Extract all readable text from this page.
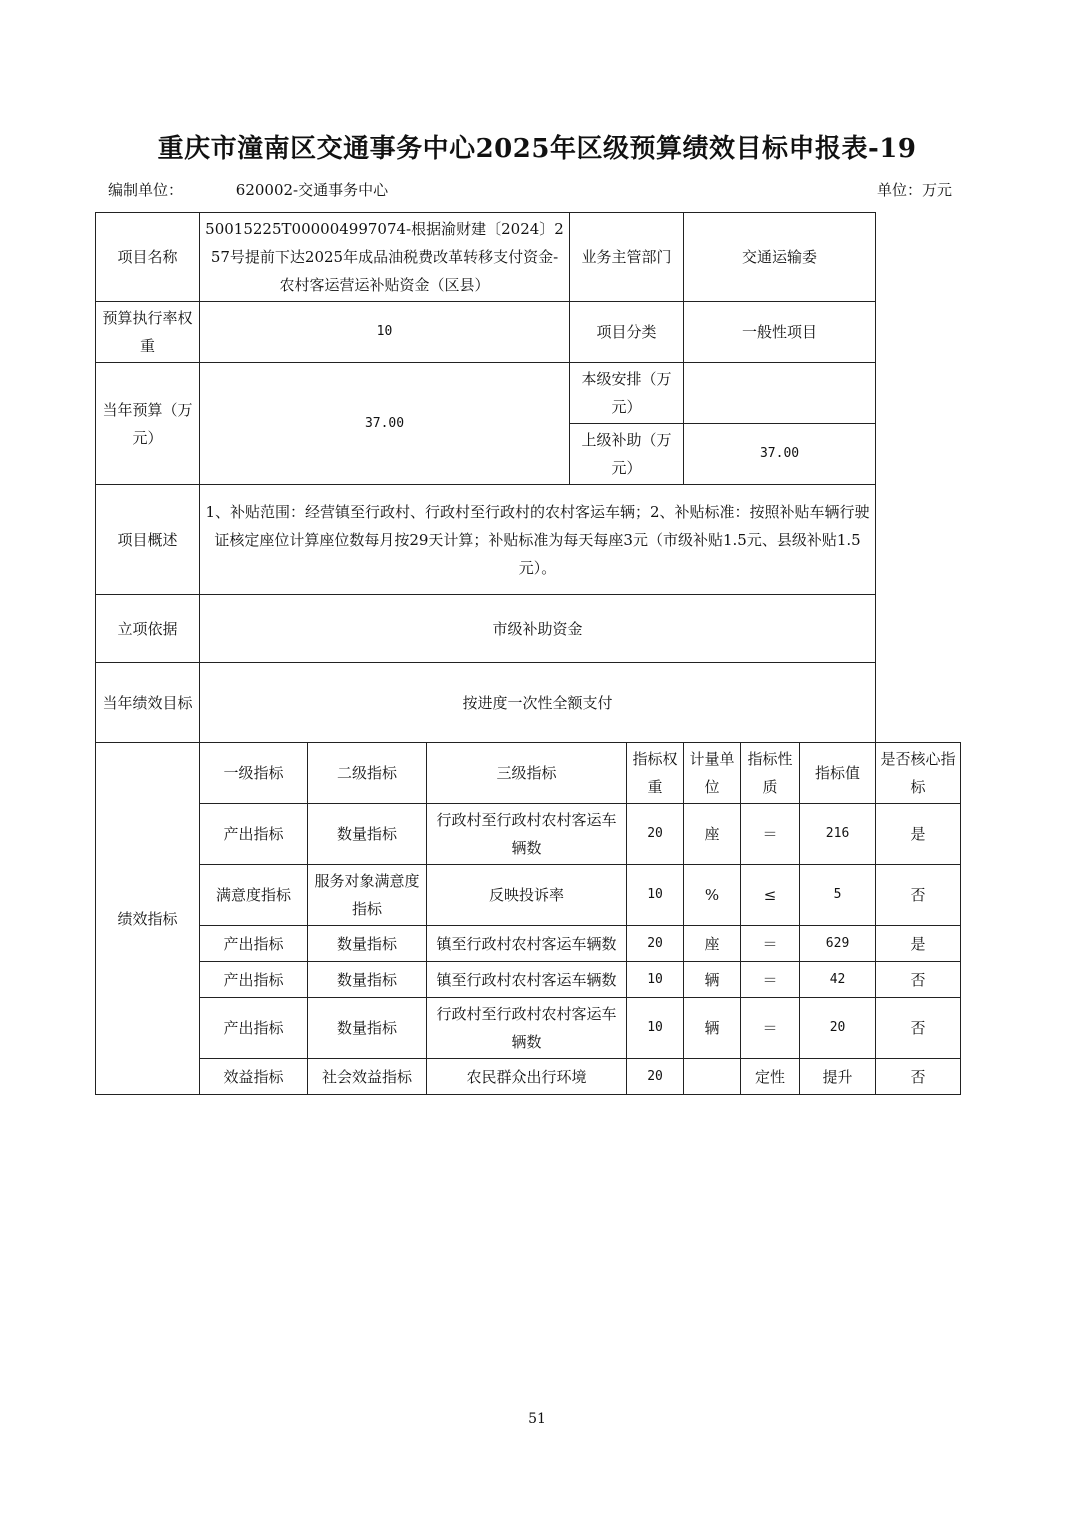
重庆市潼南区交通事务中心2025年区级预算绩效目标申报表-19
编制单位：	620002-交通事务中心	单位：万元
项目名称	50015225T000004997074-根据渝财建〔2024〕257号提前下达2025年成品油税费改革转移支付资金-农村客运营运补贴资金（区县）			业务主管部门		交通运输委			
预算执行率权重	10			项目分类		一般性项目			
当年预算（万元）	37.00			本级安排（万元）					
				上级补助（万元）		37.00			
项目概述	1、补贴范围：经营镇至行政村、行政村至行政村的农村客运车辆；2、补贴标准：按照补贴车辆行驶证核定座位计算座位数每月按29天计算；补贴标准为每天每座3元（市级补贴1.5元、县级补贴1.5元）。								
立项依据	市级补助资金								
当年绩效目标	按进度一次性全额支付								
绩效指标	一级指标	二级指标	三级指标		指标权重	计量单位	指标性质	指标值	是否核心指标
	产出指标	数量指标	行政村至行政村农村客运车辆数		20	座	＝	216	是
	满意度指标	服务对象满意度指标	反映投诉率		10	%	≤	5	否
	产出指标	数量指标	镇至行政村农村客运车辆数		20	座	＝	629	是
	产出指标	数量指标	镇至行政村农村客运车辆数		10	辆	＝	42	否
	产出指标	数量指标	行政村至行政村农村客运车辆数		10	辆	＝	20	否
	效益指标	社会效益指标	农民群众出行环境		20		定性	提升	否
51
